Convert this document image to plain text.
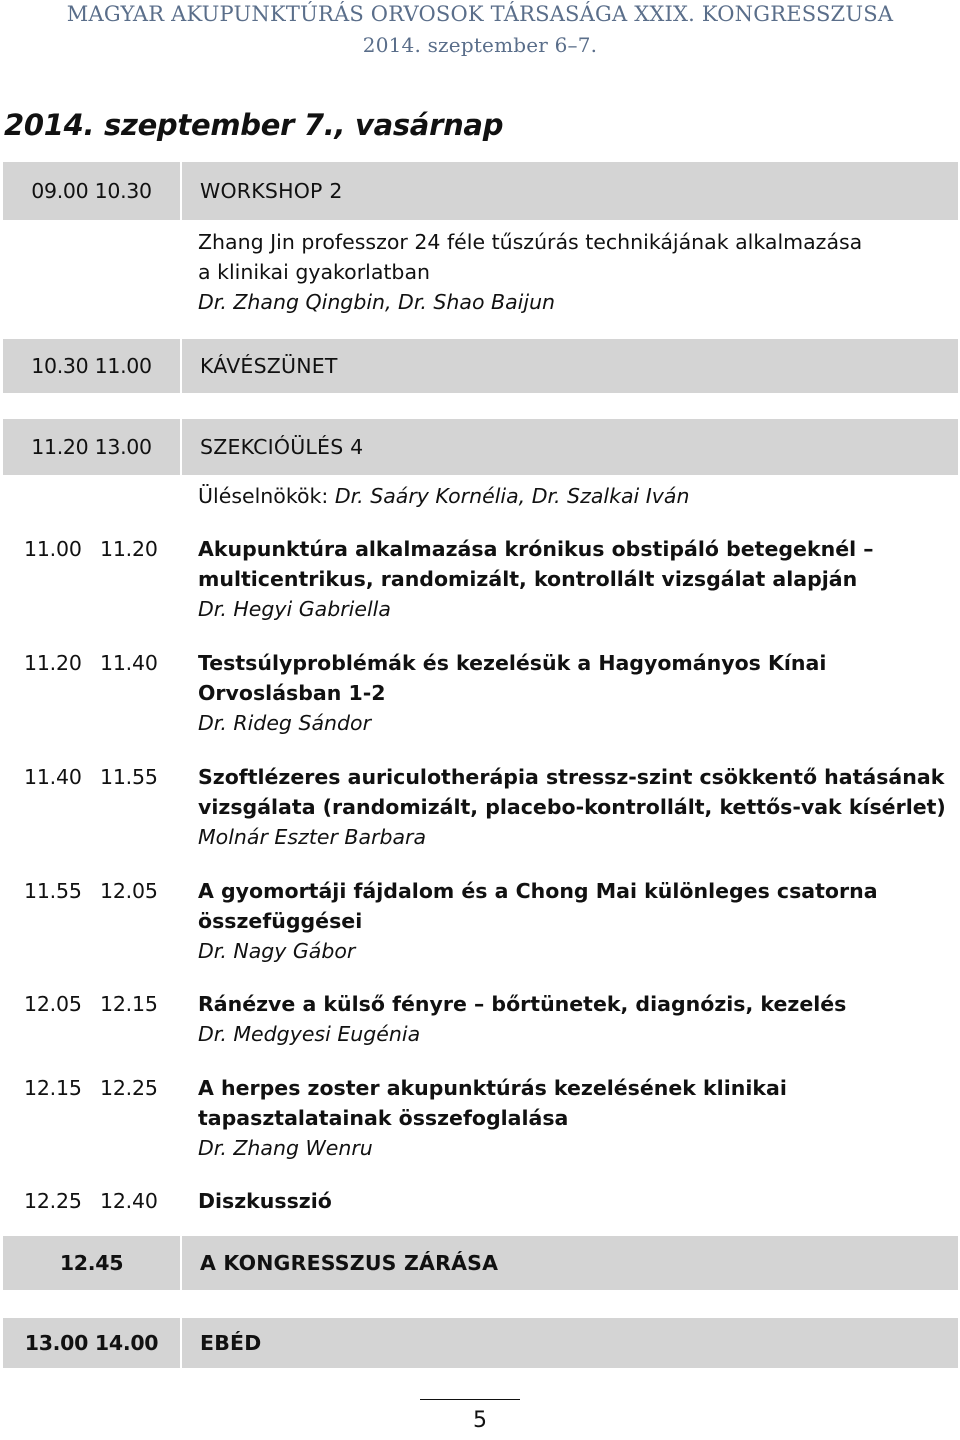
MAGYAR AKUPUNKTÚRÁS ORVOSOK TÁRSASÁGA XXIX. KONGRESSZUSA
2014. szeptember 6–7.
2014. szeptember 7., vasárnap
09.00 10.30	WORKSHOP 2
Zhang Jin professzor 24 féle tűszúrás technikájának alkalmazása
a klinikai gyakorlatban
Dr. Zhang Qingbin, Dr. Shao Baijun
10.30 11.00	KÁVÉSZÜNET
11.20 13.00	SZEKCIÓÜLÉS 4
Üléselnökök: Dr. Saáry Kornélia, Dr. Szalkai Iván
11.00 11.20 Akupunktúra alkalmazása krónikus obstipáló betegeknél –
multicentrikus, randomizált, kontrollált vizsgálat alapján
Dr. Hegyi Gabriella
11.20 11.40 Testsúlyproblémák és kezelésük a Hagyományos Kínai
Orvoslásban 1-2
Dr. Rideg Sándor
11.40 11.55 Szoftlézeres auriculotherápia stressz-szint csökkentő hatásának
vizsgálata (randomizált, placebo-kontrollált, kettős-vak kísérlet)
Molnár Eszter Barbara
11.55 12.05 A gyomortáji fájdalom és a Chong Mai különleges csatorna
összefüggései
Dr. Nagy Gábor
12.05 12.15 Ránézve a külső fényre – bőrtünetek, diagnózis, kezelés
Dr. Medgyesi Eugénia
12.15 12.25 A herpes zoster akupunktúrás kezelésének klinikai
tapasztalatainak összefoglalása
Dr. Zhang Wenru
12.25 12.40 Diszkusszió
12.45	A KONGRESSZUS ZÁRÁSA
13.00 14.00	EBÉD
5
